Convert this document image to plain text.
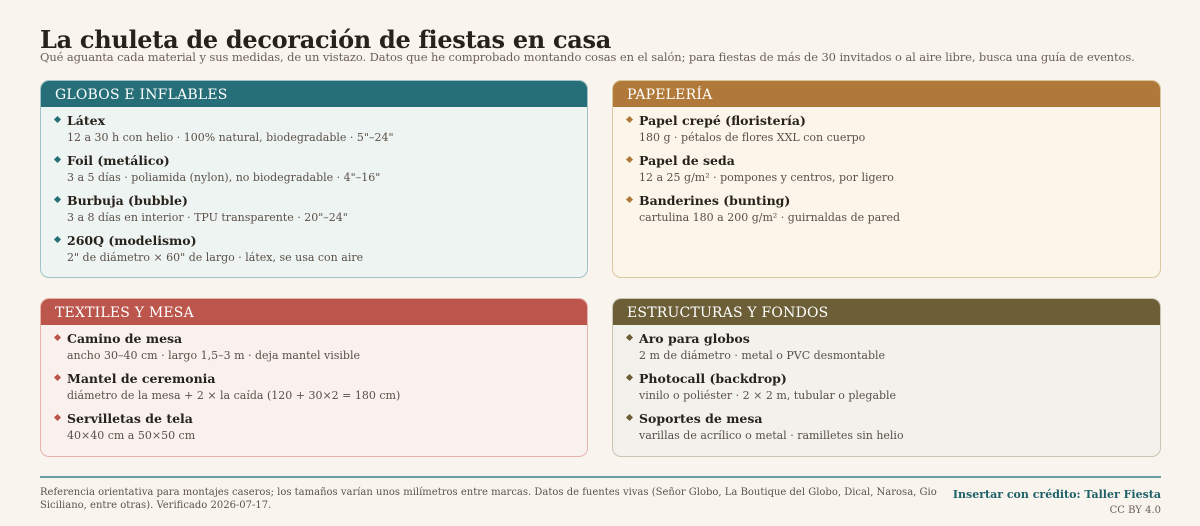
La chuleta de decoración de fiestas en casa

Qué aguanta cada material y sus medidas, de un vistazo. Datos que he comprobado montando cosas en el salón; para fiestas de más de 30 invitados o al aire libre, busca una guía de eventos.

GLOBOS E INFLABLES
Látex
12 a 30 h con helio · 100% natural, biodegradable · 5"–24"
Foil (metálico)
3 a 5 días · poliamida (nylon), no biodegradable · 4"–16"
Burbuja (bubble)
3 a 8 días en interior · TPU transparente · 20"–24"
260Q (modelismo)
2" de diámetro × 60" de largo · látex, se usa con aire
PAPELERÍA
Papel crepé (floristería)
180 g · pétalos de flores XXL con cuerpo
Papel de seda
12 a 25 g/m² · pompones y centros, por ligero
Banderines (bunting)
cartulina 180 a 200 g/m² · guirnaldas de pared
TEXTILES Y MESA
Camino de mesa
ancho 30–40 cm · largo 1,5–3 m · deja mantel visible
Mantel de ceremonia
diámetro de la mesa + 2 × la caída (120 + 30×2 = 180 cm)
Servilletas de tela
40×40 cm a 50×50 cm
ESTRUCTURAS Y FONDOS
Aro para globos
2 m de diámetro · metal o PVC desmontable
Photocall (backdrop)
vinilo o poliéster · 2 × 2 m, tubular o plegable
Soportes de mesa
varillas de acrílico o metal · ramilletes sin helio

Referencia orientativa para montajes caseros; los tamaños varían unos milímetros entre marcas. Datos de fuentes vivas (Señor Globo, La Boutique del Globo, Dical, Narosa, Gio Siciliano, entre otras). Verificado 2026-07-17.

Insertar con crédito: Taller Fiesta
CC BY 4.0
